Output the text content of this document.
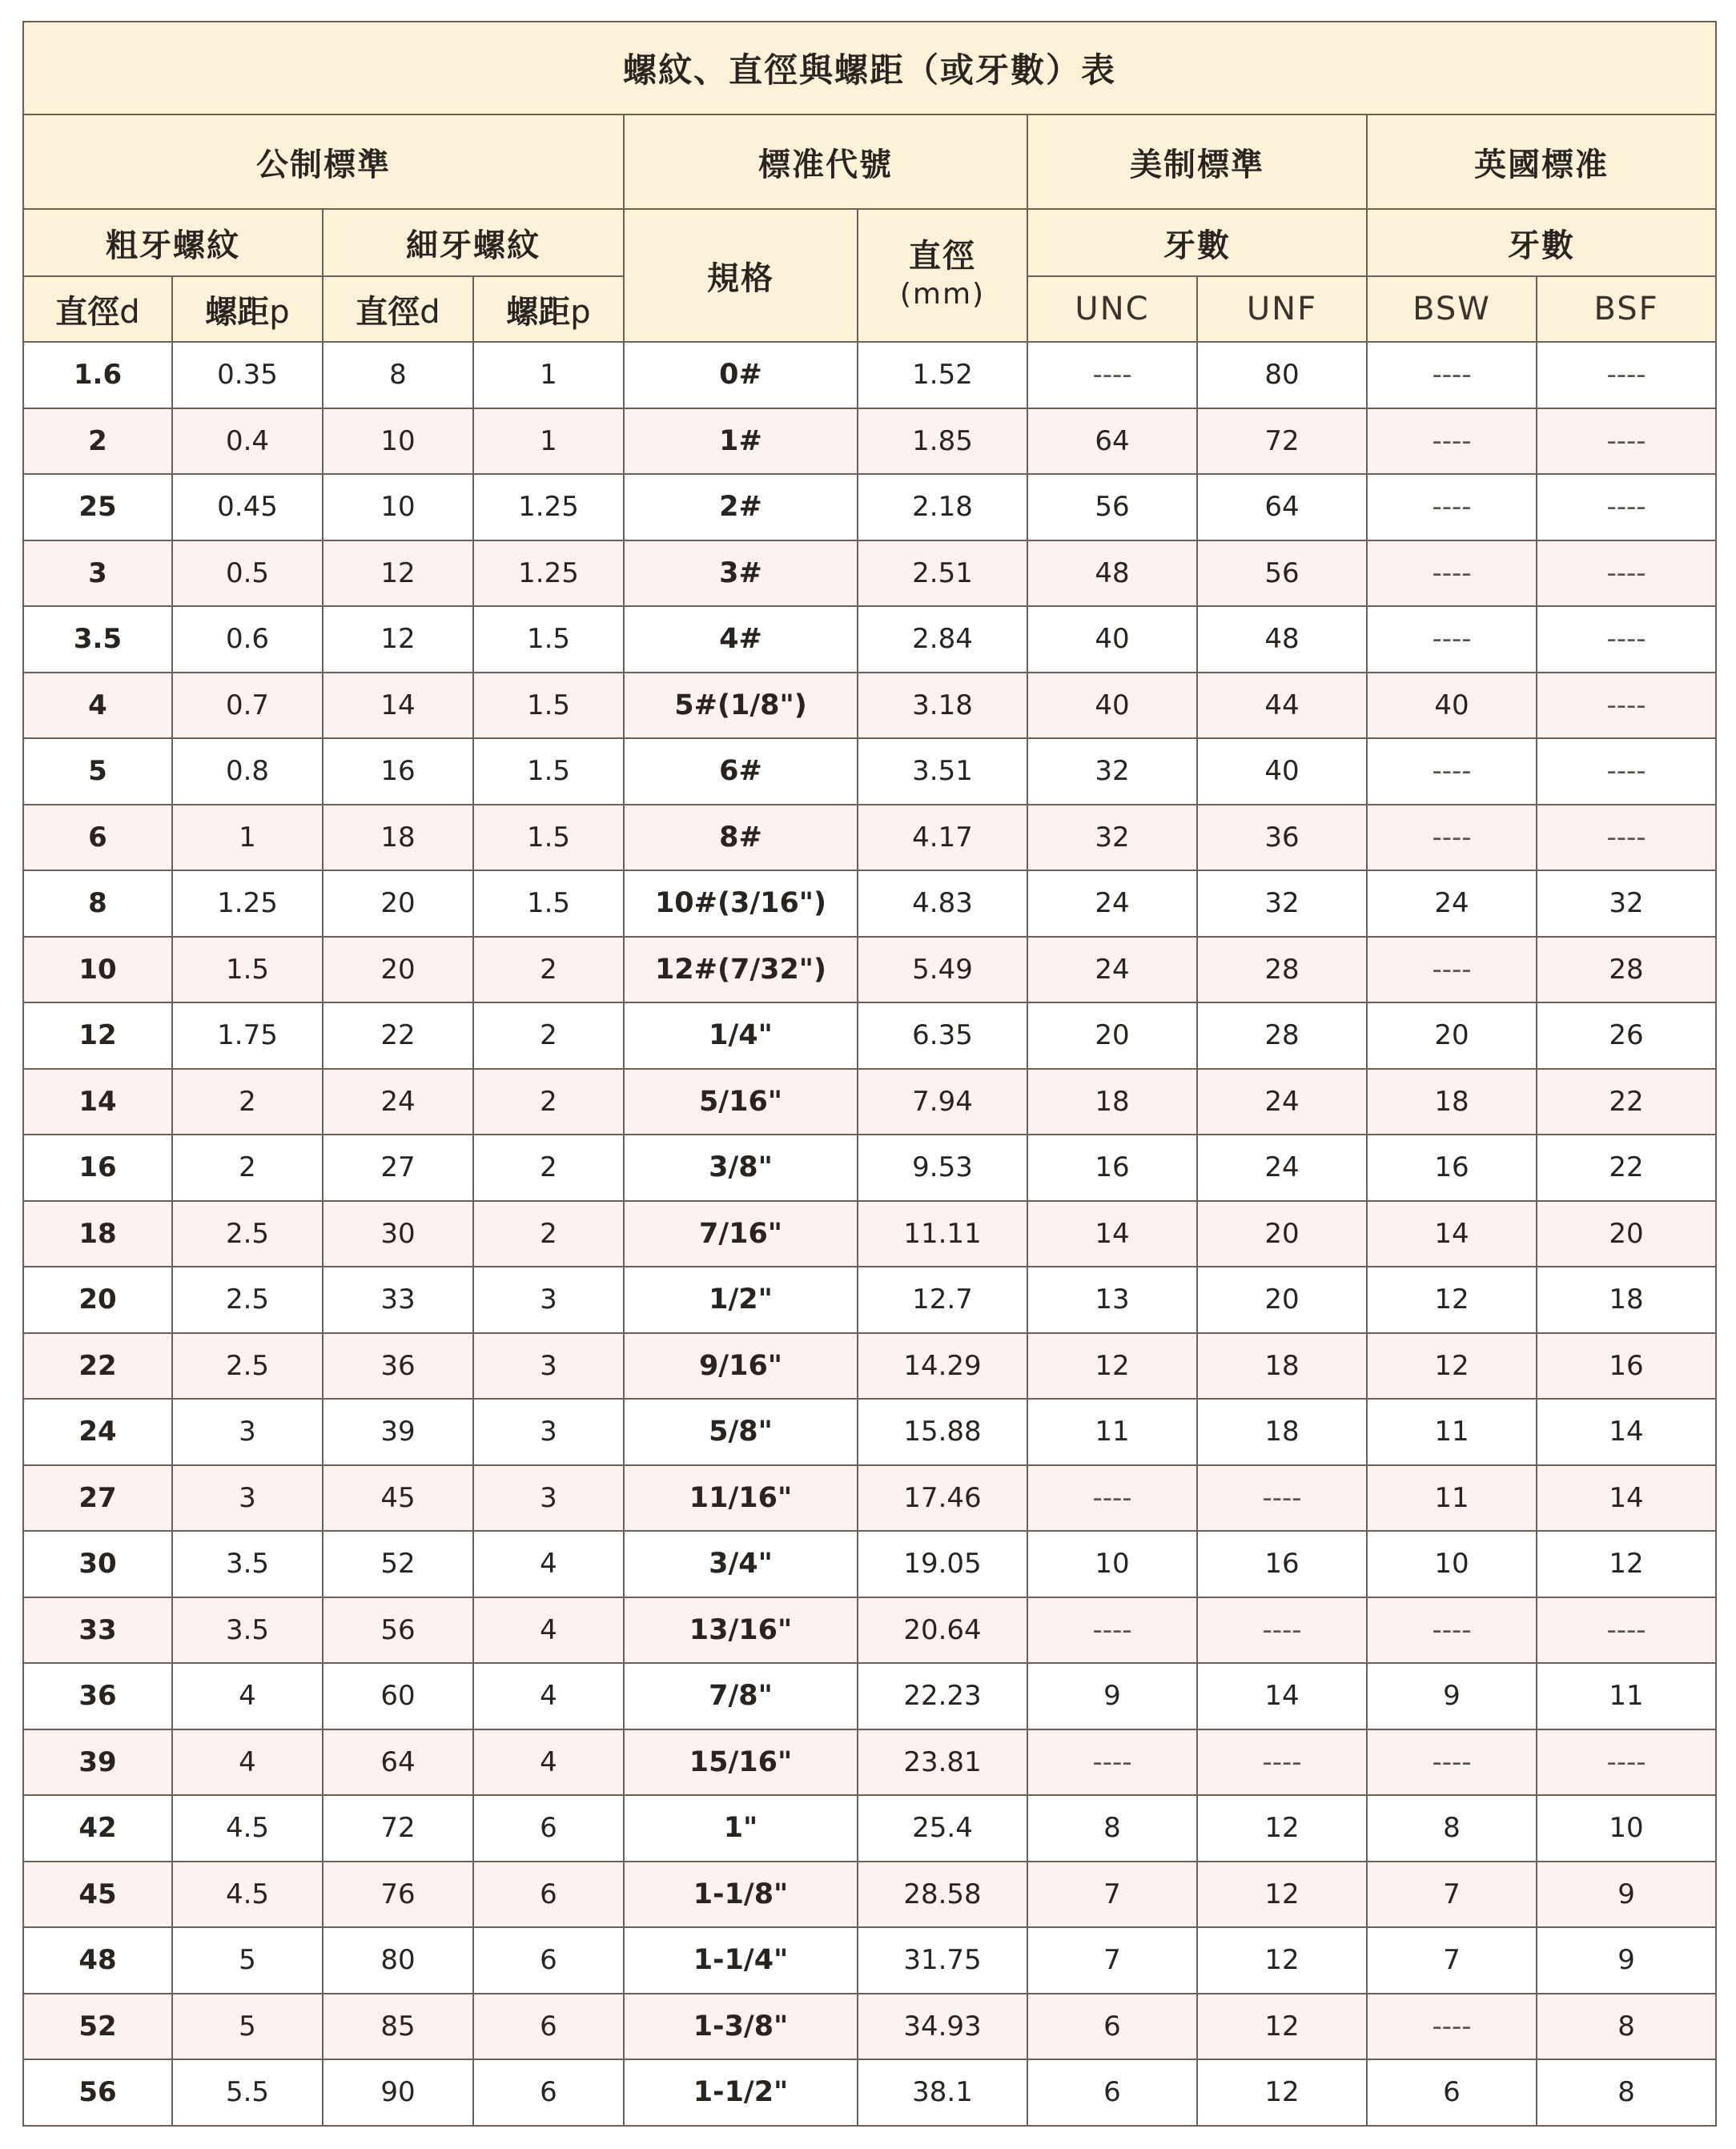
螺紋、直徑與螺距（或牙數）表									
公制標準				標准代號		美制標準		英國標准	
粗牙螺紋		細牙螺紋		規格	直徑
(mm)	牙數		牙數	
直徑d	螺距p	直徑d	螺距p			UNC	UNF	BSW	BSF
1.6	0.35	8	1	0#	1.52	----	80	----	----
2	0.4	10	1	1#	1.85	64	72	----	----
25	0.45	10	1.25	2#	2.18	56	64	----	----
3	0.5	12	1.25	3#	2.51	48	56	----	----
3.5	0.6	12	1.5	4#	2.84	40	48	----	----
4	0.7	14	1.5	5#(1/8")	3.18	40	44	40	----
5	0.8	16	1.5	6#	3.51	32	40	----	----
6	1	18	1.5	8#	4.17	32	36	----	----
8	1.25	20	1.5	10#(3/16")	4.83	24	32	24	32
10	1.5	20	2	12#(7/32")	5.49	24	28	----	28
12	1.75	22	2	1/4"	6.35	20	28	20	26
14	2	24	2	5/16"	7.94	18	24	18	22
16	2	27	2	3/8"	9.53	16	24	16	22
18	2.5	30	2	7/16"	11.11	14	20	14	20
20	2.5	33	3	1/2"	12.7	13	20	12	18
22	2.5	36	3	9/16"	14.29	12	18	12	16
24	3	39	3	5/8"	15.88	11	18	11	14
27	3	45	3	11/16"	17.46	----	----	11	14
30	3.5	52	4	3/4"	19.05	10	16	10	12
33	3.5	56	4	13/16"	20.64	----	----	----	----
36	4	60	4	7/8"	22.23	9	14	9	11
39	4	64	4	15/16"	23.81	----	----	----	----
42	4.5	72	6	1"	25.4	8	12	8	10
45	4.5	76	6	1-1/8"	28.58	7	12	7	9
48	5	80	6	1-1/4"	31.75	7	12	7	9
52	5	85	6	1-3/8"	34.93	6	12	----	8
56	5.5	90	6	1-1/2"	38.1	6	12	6	8
